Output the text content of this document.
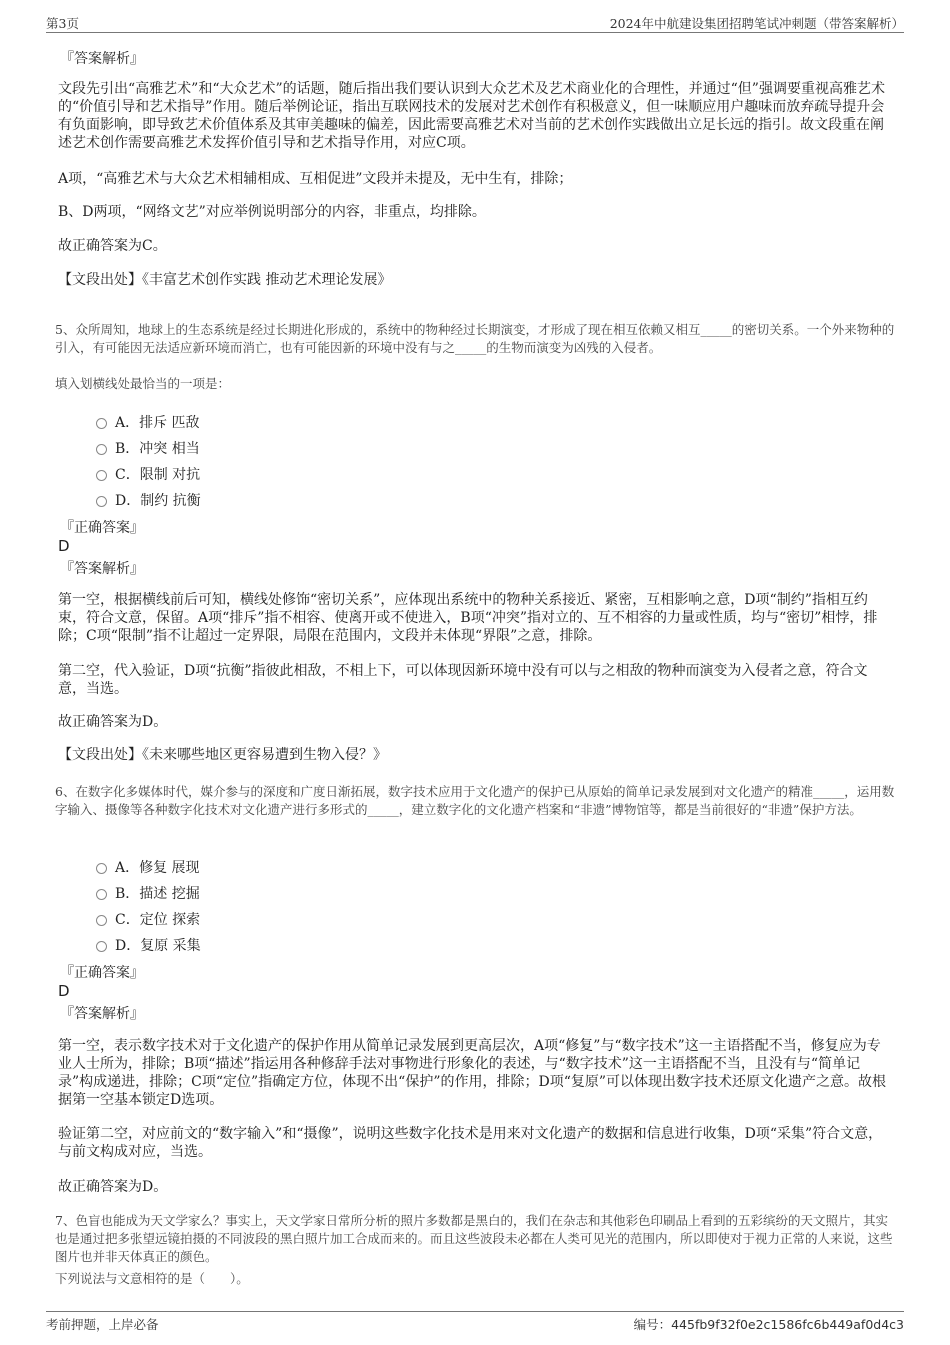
第3页	2024年中航建设集团招聘笔试冲刺题（带答案解析）

『答案解析』

文段先引出“高雅艺术”和“大众艺术”的话题，随后指出我们要认识到大众艺术及艺术商业化的合理性，并通过“但”强调要重视高雅艺术的“价值引导和艺术指导”作用。随后举例论证，指出互联网技术的发展对艺术创作有积极意义，但一味顺应用户趣味而放弃疏导提升会有负面影响，即导致艺术价值体系及其审美趣味的偏差，因此需要高雅艺术对当前的艺术创作实践做出立足长远的指引。故文段重在阐述艺术创作需要高雅艺术发挥价值引导和艺术指导作用，对应C项。

A项，“高雅艺术与大众艺术相辅相成、互相促进”文段并未提及，无中生有，排除；

B、D两项，“网络文艺”对应举例说明部分的内容，非重点，均排除。

故正确答案为C。

【文段出处】《丰富艺术创作实践 推动艺术理论发展》

5、众所周知，地球上的生态系统是经过长期进化形成的，系统中的物种经过长期演变，才形成了现在相互依赖又相互_____的密切关系。一个外来物种的引入，有可能因无法适应新环境而消亡，也有可能因新的环境中没有与之_____的生物而演变为凶残的入侵者。

填入划横线处最恰当的一项是：

A．排斥 匹敌
B．冲突 相当
C．限制 对抗
D．制约 抗衡

『正确答案』

D

『答案解析』

第一空，根据横线前后可知，横线处修饰“密切关系”，应体现出系统中的物种关系接近、紧密，互相影响之意，D项“制约”指相互约束，符合文意，保留。A项“排斥”指不相容、使离开或不使进入，B项“冲突”指对立的、互不相容的力量或性质，均与“密切”相悖，排除；C项“限制”指不让超过一定界限，局限在范围内，文段并未体现“界限”之意，排除。

第二空，代入验证，D项“抗衡”指彼此相敌，不相上下，可以体现因新环境中没有可以与之相敌的物种而演变为入侵者之意，符合文意，当选。

故正确答案为D。

【文段出处】《未来哪些地区更容易遭到生物入侵？》

6、在数字化多媒体时代，媒介参与的深度和广度日渐拓展，数字技术应用于文化遗产的保护已从原始的简单记录发展到对文化遗产的精准_____，运用数字输入、摄像等各种数字化技术对文化遗产进行多形式的_____，建立数字化的文化遗产档案和“非遗”博物馆等，都是当前很好的“非遗”保护方法。

A．修复 展现
B．描述 挖掘
C．定位 探索
D．复原 采集

『正确答案』

D

『答案解析』

第一空，表示数字技术对于文化遗产的保护作用从简单记录发展到更高层次，A项“修复”与“数字技术”这一主语搭配不当，修复应为专业人士所为，排除；B项“描述”指运用各种修辞手法对事物进行形象化的表述，与“数字技术”这一主语搭配不当，且没有与“简单记录”构成递进，排除；C项“定位”指确定方位，体现不出“保护”的作用，排除；D项“复原”可以体现出数字技术还原文化遗产之意。故根据第一空基本锁定D选项。

验证第二空，对应前文的“数字输入”和“摄像”，说明这些数字化技术是用来对文化遗产的数据和信息进行收集，D项“采集”符合文意，与前文构成对应，当选。

故正确答案为D。

7、色盲也能成为天文学家么？事实上，天文学家日常所分析的照片多数都是黑白的，我们在杂志和其他彩色印刷品上看到的五彩缤纷的天文照片，其实也是通过把多张望远镜拍摄的不同波段的黑白照片加工合成而来的。而且这些波段未必都在人类可见光的范围内，所以即使对于视力正常的人来说，这些图片也并非天体真正的颜色。

下列说法与文意相符的是（　　）。

考前押题，上岸必备	编号：445fb9f32f0e2c1586fc6b449af0d4c3
